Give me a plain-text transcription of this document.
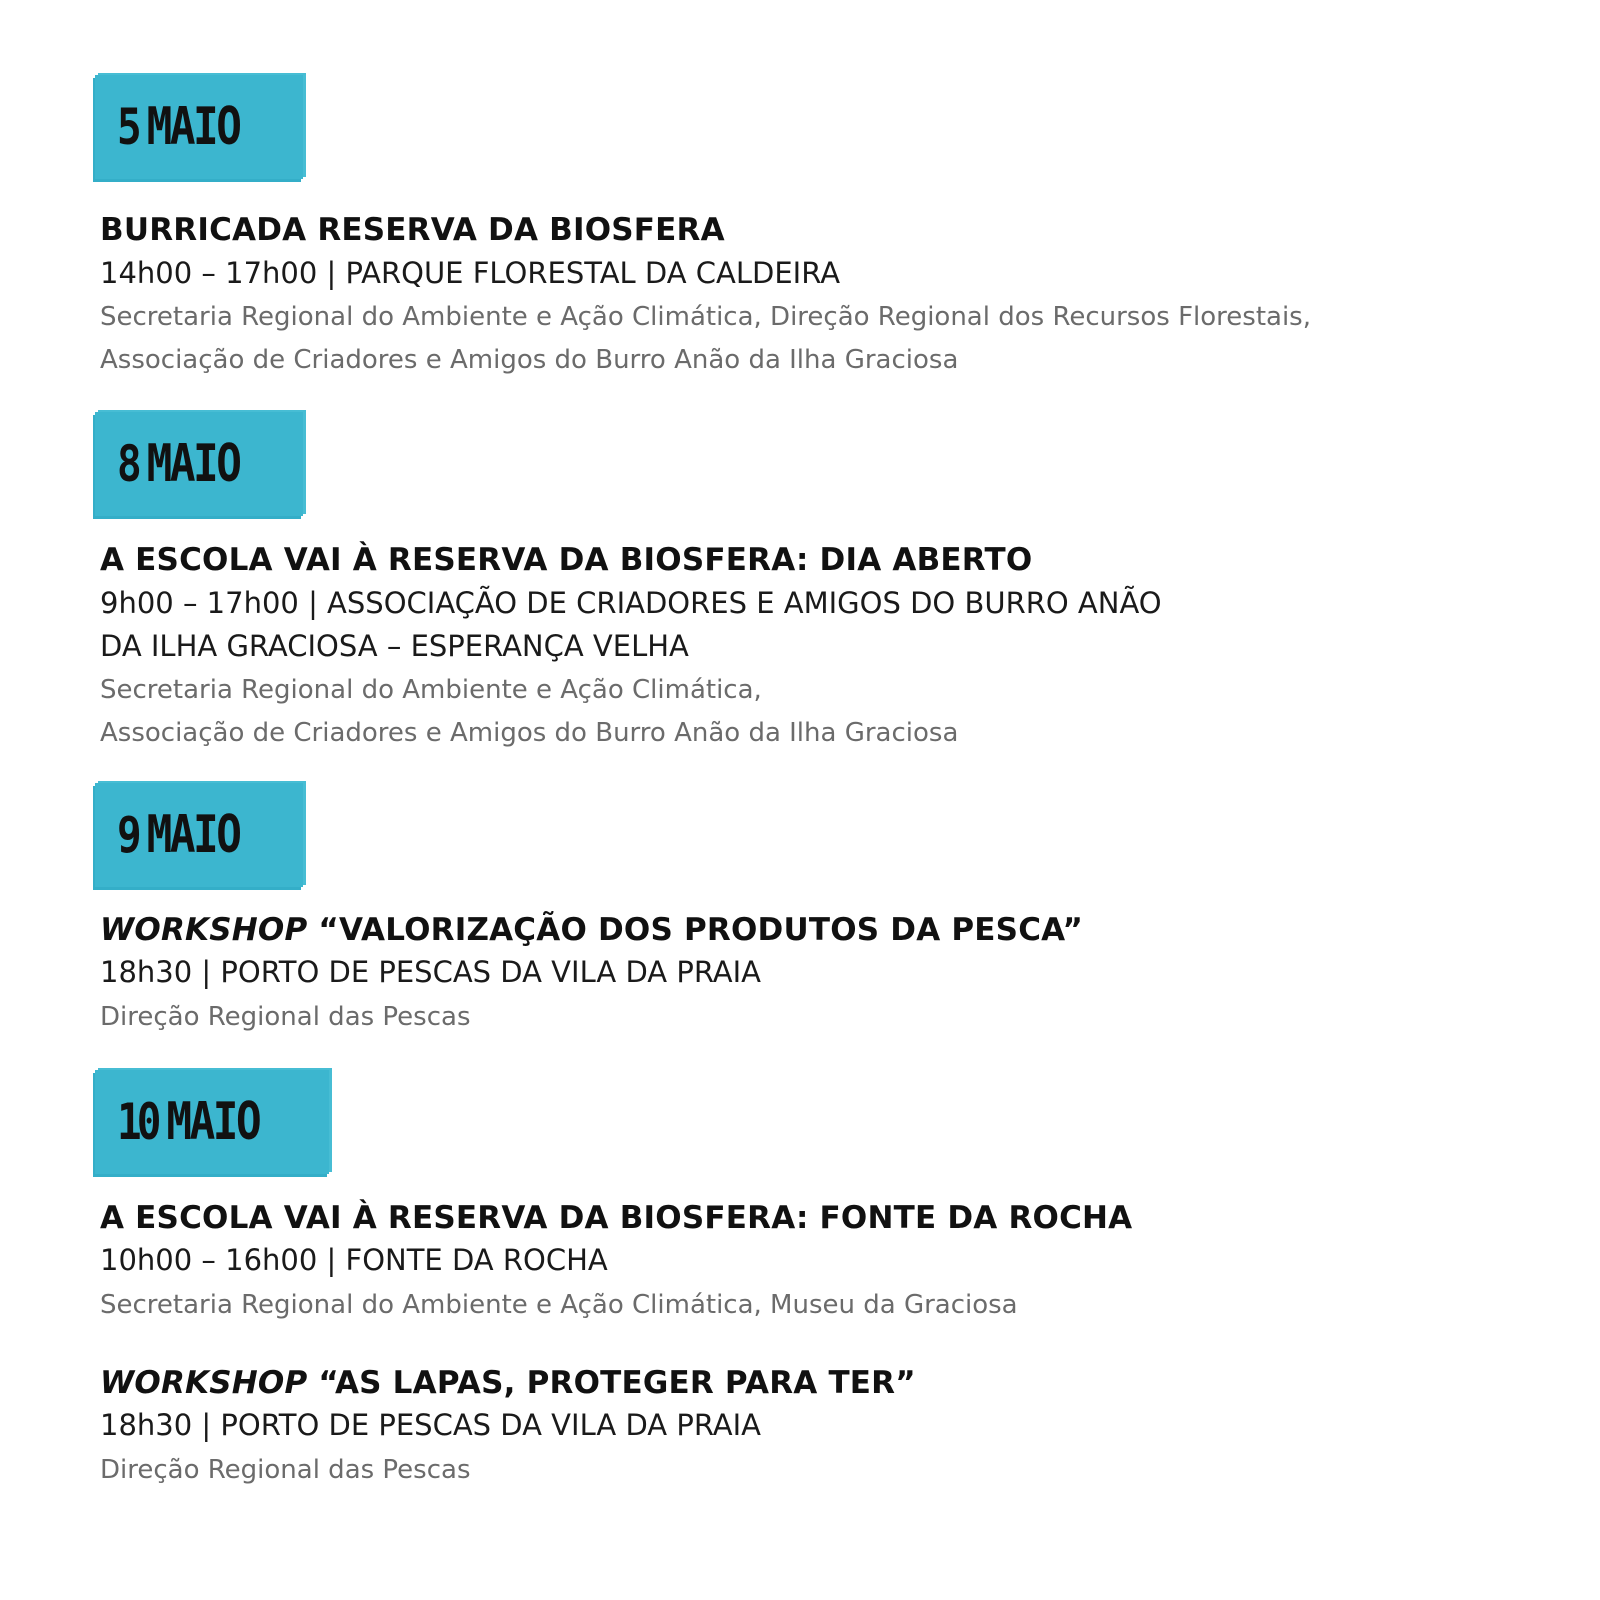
5 MAIO
BURRICADA RESERVA DA BIOSFERA
14h00 – 17h00 | PARQUE FLORESTAL DA CALDEIRA
Secretaria Regional do Ambiente e Ação Climática, Direção Regional dos Recursos Florestais,
Associação de Criadores e Amigos do Burro Anão da Ilha Graciosa
8 MAIO
A ESCOLA VAI À RESERVA DA BIOSFERA: DIA ABERTO
9h00 – 17h00 | ASSOCIAÇÃO DE CRIADORES E AMIGOS DO BURRO ANÃO
DA ILHA GRACIOSA – ESPERANÇA VELHA
Secretaria Regional do Ambiente e Ação Climática,
Associação de Criadores e Amigos do Burro Anão da Ilha Graciosa
9 MAIO
WORKSHOP “VALORIZAÇÃO DOS PRODUTOS DA PESCA”
18h30 | PORTO DE PESCAS DA VILA DA PRAIA
Direção Regional das Pescas
10 MAIO
A ESCOLA VAI À RESERVA DA BIOSFERA: FONTE DA ROCHA
10h00 – 16h00 | FONTE DA ROCHA
Secretaria Regional do Ambiente e Ação Climática, Museu da Graciosa
WORKSHOP “AS LAPAS, PROTEGER PARA TER”
18h30 | PORTO DE PESCAS DA VILA DA PRAIA
Direção Regional das Pescas
